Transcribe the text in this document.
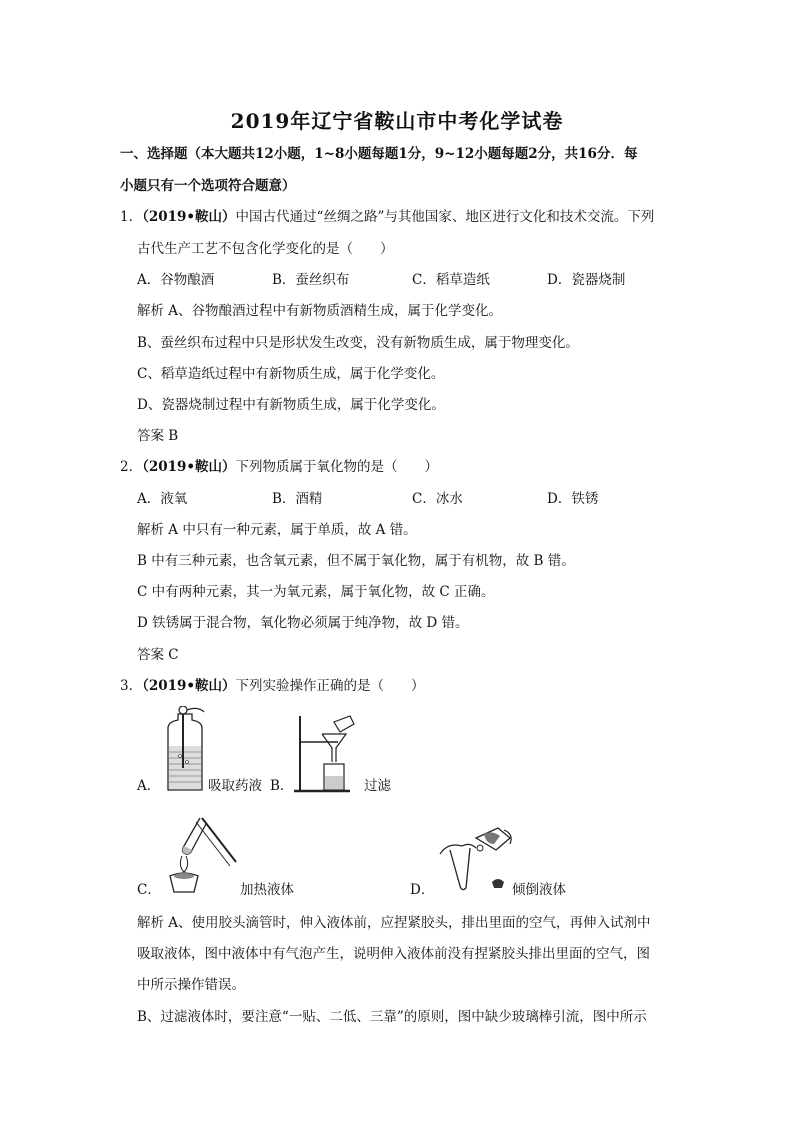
2019年辽宁省鞍山市中考化学试卷
一、选择题（本大题共12小题，1~8小题每题1分，9~12小题每题2分，共16分．每
小题只有一个选项符合题意）
1．（2019•鞍山）中国古代通过“丝绸之路”与其他国家、地区进行文化和技术交流。下列
古代生产工艺不包含化学变化的是（　　）
A．谷物酿酒	B．蚕丝织布	C．稻草造纸	D．瓷器烧制
解析 A、谷物酿酒过程中有新物质酒精生成，属于化学变化。
B、蚕丝织布过程中只是形状发生改变，没有新物质生成，属于物理变化。
C、稻草造纸过程中有新物质生成，属于化学变化。
D、瓷器烧制过程中有新物质生成，属于化学变化。
答案 B
2．（2019•鞍山）下列物质属于氧化物的是（　　）
A．液氧	B．酒精	C．冰水	D．铁锈
解析 A 中只有一种元素，属于单质，故 A 错。
B 中有三种元素，也含氧元素，但不属于氧化物，属于有机物，故 B 错。
C 中有两种元素，其一为氧元素，属于氧化物，故 C 正确。
D 铁锈属于混合物，氧化物必须属于纯净物，故 D 错。
答案 C
3．（2019•鞍山）下列实验操作正确的是（　　）
A．	吸取药液 B．	过滤
C．	加热液体	D．	倾倒液体
解析 A、使用胶头滴管时，伸入液体前，应捏紧胶头，排出里面的空气，再伸入试剂中
吸取液体，图中液体中有气泡产生，说明伸入液体前没有捏紧胶头排出里面的空气，图
中所示操作错误。
B、过滤液体时，要注意“一贴、二低、三靠”的原则，图中缺少玻璃棒引流，图中所示
